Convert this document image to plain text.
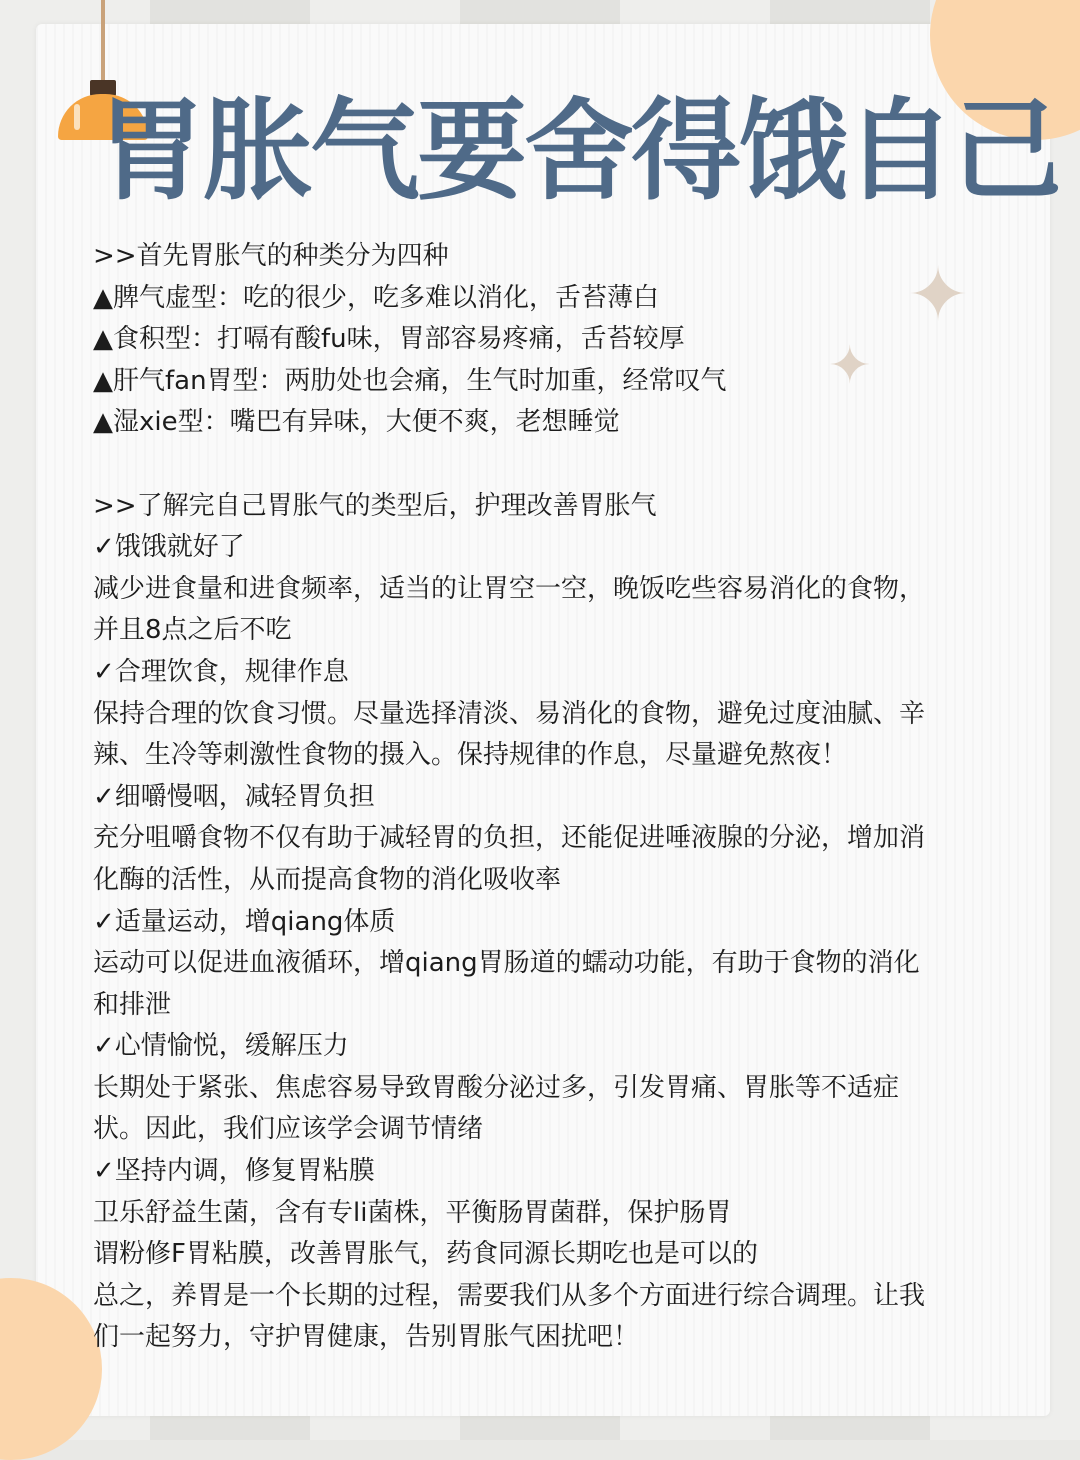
胃胀气要舍得饿自己
✦
✦
>>首先胃胀气的种类分为四种
▲脾气虚型：吃的很少，吃多难以消化，舌苔薄白
▲食积型：打嗝有酸fu味，胃部容易疼痛，舌苔较厚
▲肝气fan胃型：两肋处也会痛，生气时加重，经常叹气
▲湿xie型：嘴巴有异味，大便不爽，老想睡觉
>>了解完自己胃胀气的类型后，护理改善胃胀气
✓饿饿就好了
减少进食量和进食频率，适当的让胃空一空，晚饭吃些容易消化的食物，
并且8点之后不吃
✓合理饮食，规律作息
保持合理的饮食习惯。尽量选择清淡、易消化的食物，避免过度油腻、辛
辣、生冷等刺激性食物的摄入。保持规律的作息，尽量避免熬夜！
✓细嚼慢咽，减轻胃负担
充分咀嚼食物不仅有助于减轻胃的负担，还能促进唾液腺的分泌，增加消
化酶的活性，从而提高食物的消化吸收率
✓适量运动，增qiang体质
运动可以促进血液循环，增qiang胃肠道的蠕动功能，有助于食物的消化
和排泄
✓心情愉悦，缓解压力
长期处于紧张、焦虑容易导致胃酸分泌过多，引发胃痛、胃胀等不适症
状。因此，我们应该学会调节情绪
✓坚持内调，修复胃粘膜
卫乐舒益生菌，含有专li菌株，平衡肠胃菌群，保护肠胃
谓粉修F胃粘膜，改善胃胀气，药食同源长期吃也是可以的
总之，养胃是一个长期的过程，需要我们从多个方面进行综合调理。让我
们一起努力，守护胃健康，告别胃胀气困扰吧！
